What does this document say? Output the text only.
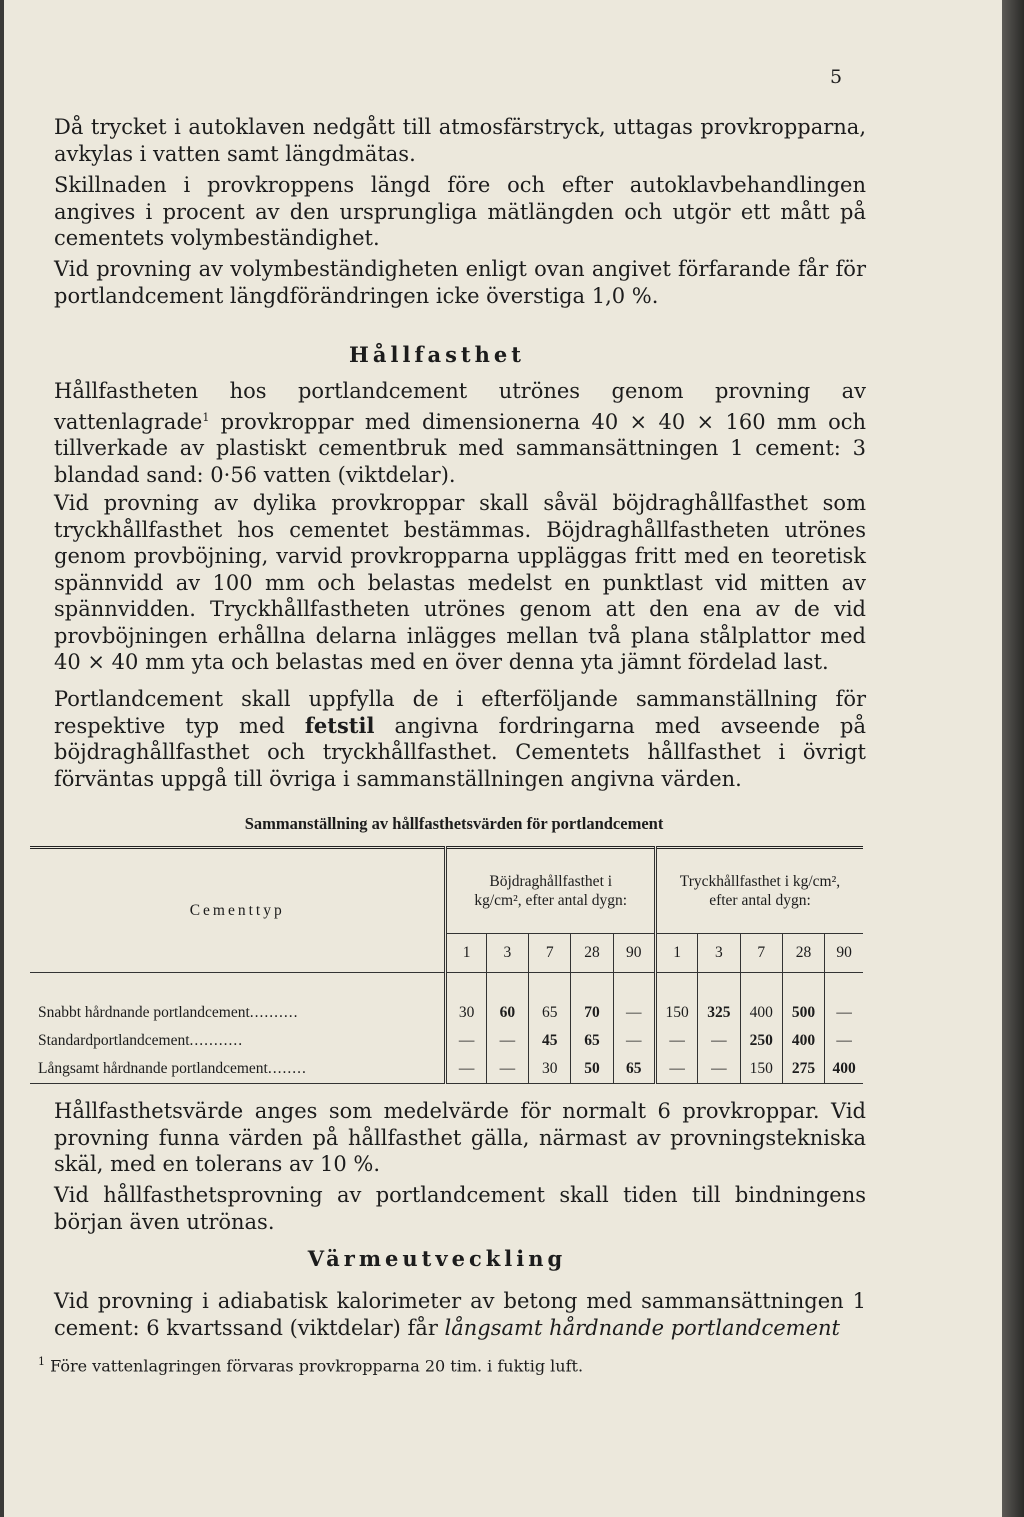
5

Då trycket i autoklaven nedgått till atmosfärstryck, uttagas provkropparna, avkylas i vatten samt längdmätas.

Skillnaden i provkroppens längd före och efter autoklavbehandlingen angives i procent av den ursprungliga mätlängden och utgör ett mått på cementets volymbeständighet.

Vid provning av volymbeständigheten enligt ovan angivet förfarande får för portlandcement längdförändringen icke överstiga 1,0 %.

Hållfasthet

Hållfastheten hos portlandcement utrönes genom provning av vattenlagrade$^1$ provkroppar med dimensionerna 40 × 40 × 160 mm och tillverkade av plastiskt cementbruk med sammansättningen 1 cement: 3 blandad sand: 0·56 vatten (viktdelar).

Vid provning av dylika provkroppar skall såväl böjdraghållfasthet som tryckhållfasthet hos cementet bestämmas. Böjdraghållfastheten utrönes genom provböjning, varvid provkropparna uppläggas fritt med en teoretisk spännvidd av 100 mm och belastas medelst en punktlast vid mitten av spännvidden. Tryckhållfastheten utrönes genom att den ena av de vid provböjningen erhållna delarna inlägges mellan två plana stålplattor med 40 × 40 mm yta och belastas med en över denna yta jämnt fördelad last.

Portlandcement skall uppfylla de i efterföljande sammanställning för respektive typ med fetstil angivna fordringarna med avseende på böjdraghållfasthet och tryckhållfasthet. Cementets hållfasthet i övrigt förväntas uppgå till övriga i sammanställningen angivna värden.

Sammanställning av hållfasthetsvärden för portlandcement
Cementtyp	Böjdraghållfasthet i kg/cm², efter antal dygn:					Tryckhållfasthet i kg/cm², efter antal dygn:				
	1	3	7	28	90	1	3	7	28	90

Snabbt hårdnande portlandcement..........	30	60	65	70	—	150	325	400	500	—
Standardportlandcement...........	—	—	45	65	—	—	—	250	400	—
Långsamt hårdnande portlandcement........	—	—	30	50	65	—	—	150	275	400

Hållfasthetsvärde anges som medelvärde för normalt 6 provkroppar. Vid provning funna värden på hållfasthet gälla, närmast av provningstekniska skäl, med en tolerans av 10 %.

Vid hållfasthetsprovning av portlandcement skall tiden till bindningens början även utrönas.

Värmeutveckling

Vid provning i adiabatisk kalorimeter av betong med sammansättningen 1 cement: 6 kvartssand (viktdelar) får långsamt hårdnande portlandcement

$^1$ Före vattenlagringen förvaras provkropparna 20 tim. i fuktig luft.
